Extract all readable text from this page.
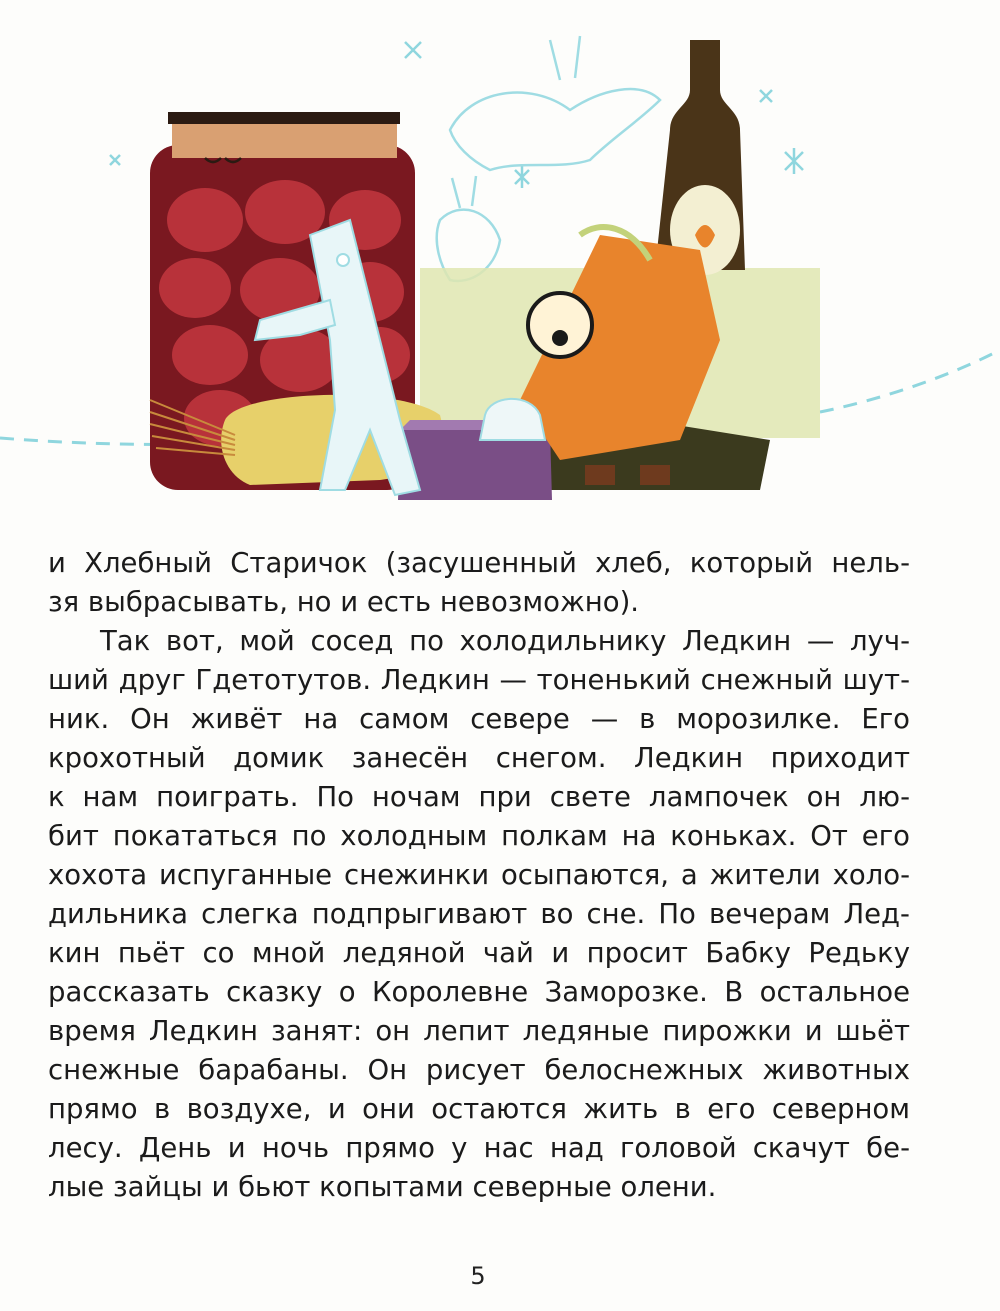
и Хлебный Старичок (засушенный хлеб, который нель-
зя выбрасывать, но и есть невозможно).
Так вот, мой сосед по холодильнику Ледкин — луч-
ший друг Гдетотутов. Ледкин — тоненький снежный шут-
ник. Он живёт на самом севере — в морозилке. Его
крохотный домик занесён снегом. Ледкин приходит
к нам поиграть. По ночам при свете лампочек он лю-
бит покататься по холодным полкам на коньках. От его
хохота испуганные снежинки осыпаются, а жители холо-
дильника слегка подпрыгивают во сне. По вечерам Лед-
кин пьёт со мной ледяной чай и просит Бабку Редьку
рассказать сказку о Королевне Заморозке. В остальное
время Ледкин занят: он лепит ледяные пирожки и шьёт
снежные барабаны. Он рисует белоснежных животных
прямо в воздухе, и они остаются жить в его северном
лесу. День и ночь прямо у нас над головой скачут бе-
лые зайцы и бьют копытами северные олени.
5
